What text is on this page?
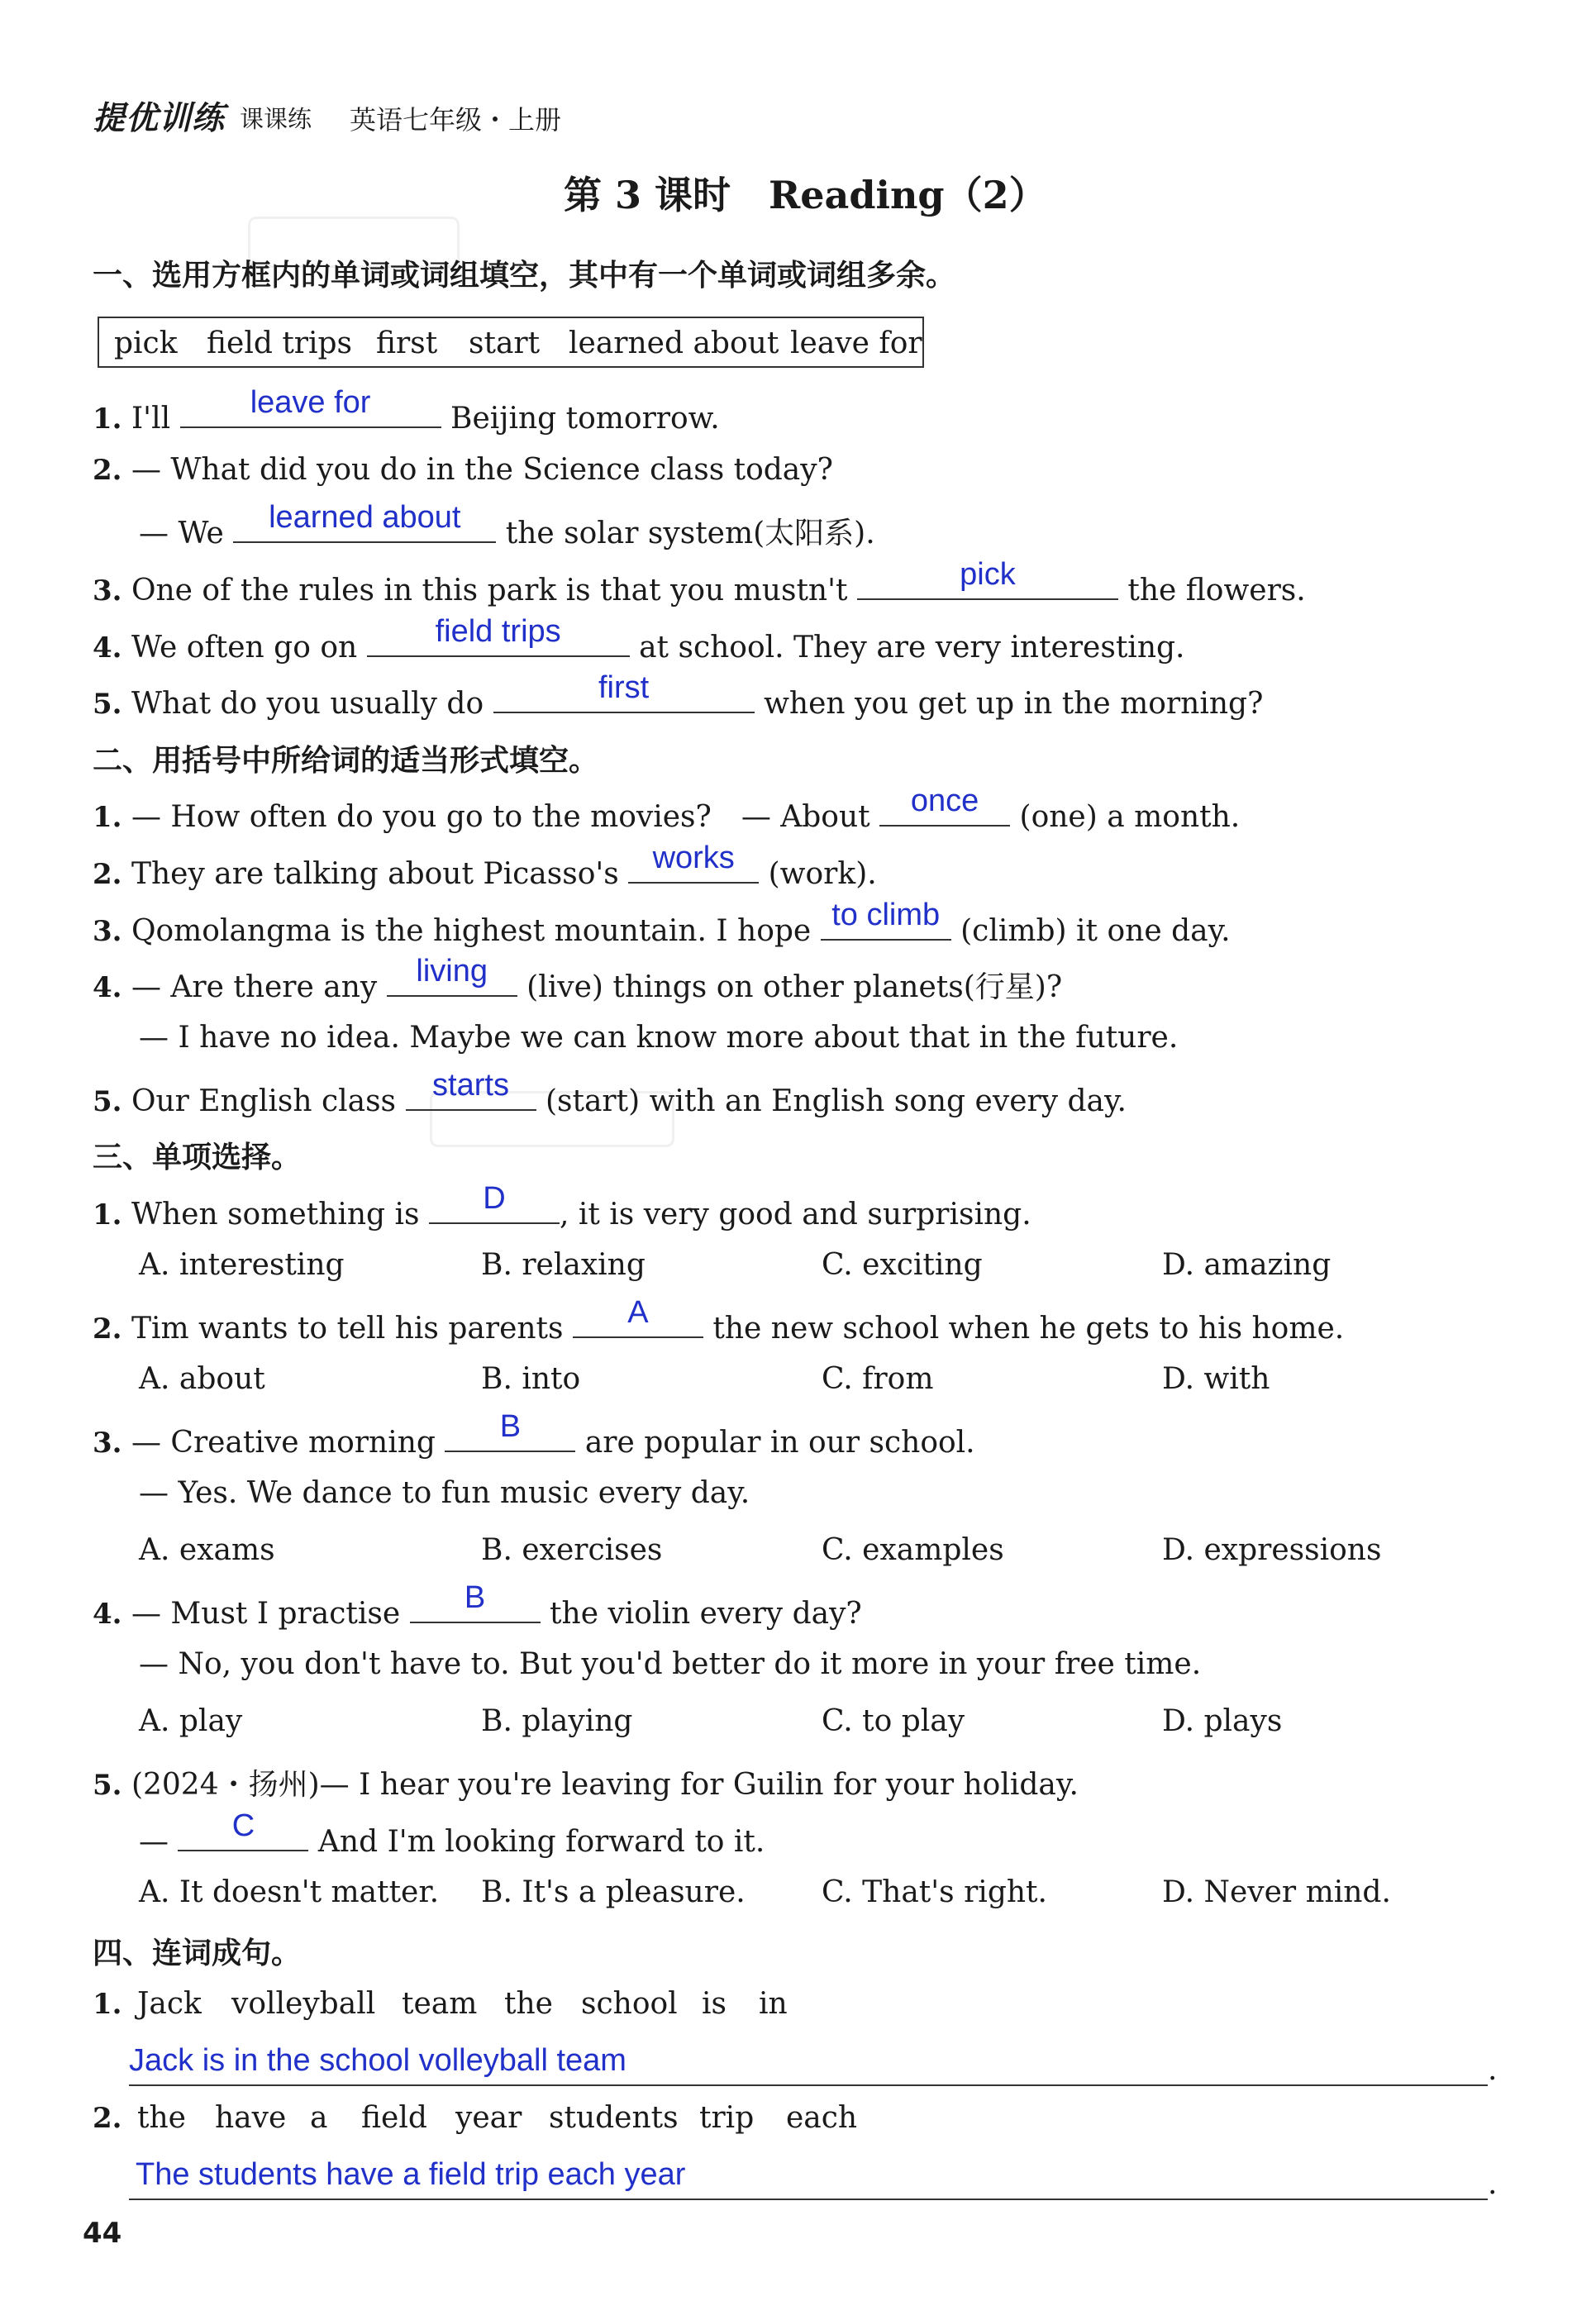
提优训练 课课练 英语七年级・上册
第 3 课时　Reading（2）
一、选用方框内的单词或词组填空，其中有一个单词或词组多余。
pick field trips first start learned about leave for
1. I'll	leave for	Beijing tomorrow.
2. — What did you do in the Science class today?
— We	learned about	the solar system(太阳系).
3. One of the rules in this park is that you mustn't	pick	the flowers.
4. We often go on	field trips	at school. They are very interesting.
5. What do you usually do	first	when you get up in the morning?
二、用括号中所给词的适当形式填空。
1. — How often do you go to the movies?　— About	once	(one) a month.
2. They are talking about Picasso's	works	(work).
3. Qomolangma is the highest mountain. I hope to climb (climb) it one day.
4. — Are there any	living	(live) things on other planets(行星)?
— I have no idea. Maybe we can know more about that in the future.
5. Our English class	starts	(start) with an English song every day.
三、单项选择。
1. When something is	D	, it is very good and surprising.
A. interesting	B. relaxing	C. exciting	D. amazing
2. Tim wants to tell his parents	A	the new school when he gets to his home.
A. about	B. into	C. from	D. with
3. — Creative morning	B	are popular in our school.
— Yes. We dance to fun music every day.
A. exams	B. exercises	C. examples	D. expressions
4. — Must I practise	B	the violin every day?
— No, you don't have to. But you'd better do it more in your free time.
A. play	B. playing	C. to play	D. plays
5. (2024・扬州)— I hear you're leaving for Guilin for your holiday.
—	C	And I'm looking forward to it.
A. It doesn't matter. B. It's a pleasure.	C. That's right.	D. Never mind.
四、连词成句。
1. Jack volleyball team the school is in
Jack is in the school volleyball team	.
2. the have a field year students trip each
The students have a field trip each year	.
44
